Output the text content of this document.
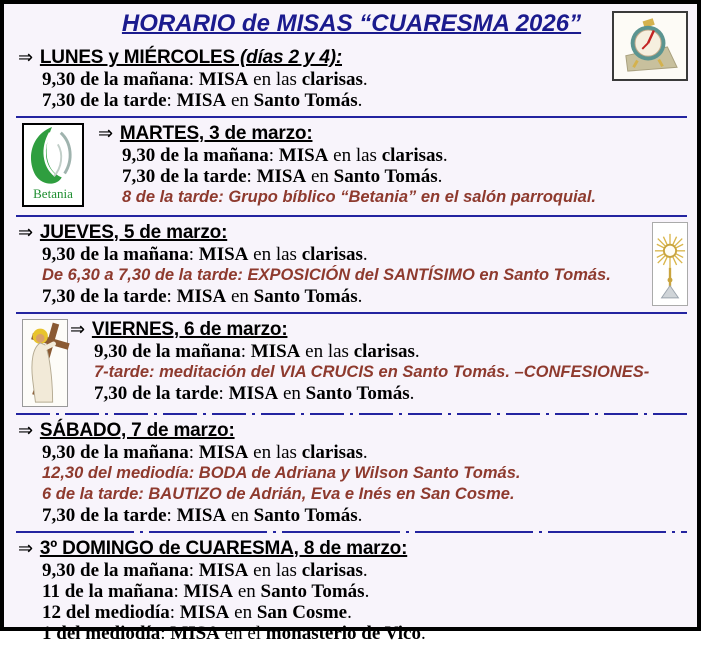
HORARIO de MISAS “CUARESMA 2026”
⇒ LUNES y MIÉRCOLES (días 2 y 4):
9,30 de la mañana: MISA en las clarisas.
7,30 de la tarde: MISA en Santo Tomás.
Betania
⇒ MARTES, 3 de marzo:
9,30 de la mañana: MISA en las clarisas.
7,30 de la tarde: MISA en Santo Tomás.
8 de la tarde: Grupo bíblico “Betania” en el salón parroquial.
⇒ JUEVES, 5 de marzo:
9,30 de la mañana: MISA en las clarisas.
De 6,30 a 7,30 de la tarde: EXPOSICIÓN del SANTÍSIMO en Santo Tomás.
7,30 de la tarde: MISA en Santo Tomás.
⇒ VIERNES, 6 de marzo:
9,30 de la mañana: MISA en las clarisas.
7-tarde: meditación del VIA CRUCIS en Santo Tomás. –CONFESIONES-
7,30 de la tarde: MISA en Santo Tomás.
⇒ SÁBADO, 7 de marzo:
9,30 de la mañana: MISA en las clarisas.
12,30 del mediodía: BODA de Adriana y Wilson Santo Tomás.
6 de la tarde: BAUTIZO de Adrián, Eva e Inés en San Cosme.
7,30 de la tarde: MISA en Santo Tomás.
⇒ 3º DOMINGO de CUARESMA, 8 de marzo:
9,30 de la mañana: MISA en las clarisas.
11 de la mañana: MISA en Santo Tomás.
12 del mediodía: MISA en San Cosme.
1 del mediodía: MISA en el monasterio de Vico.
